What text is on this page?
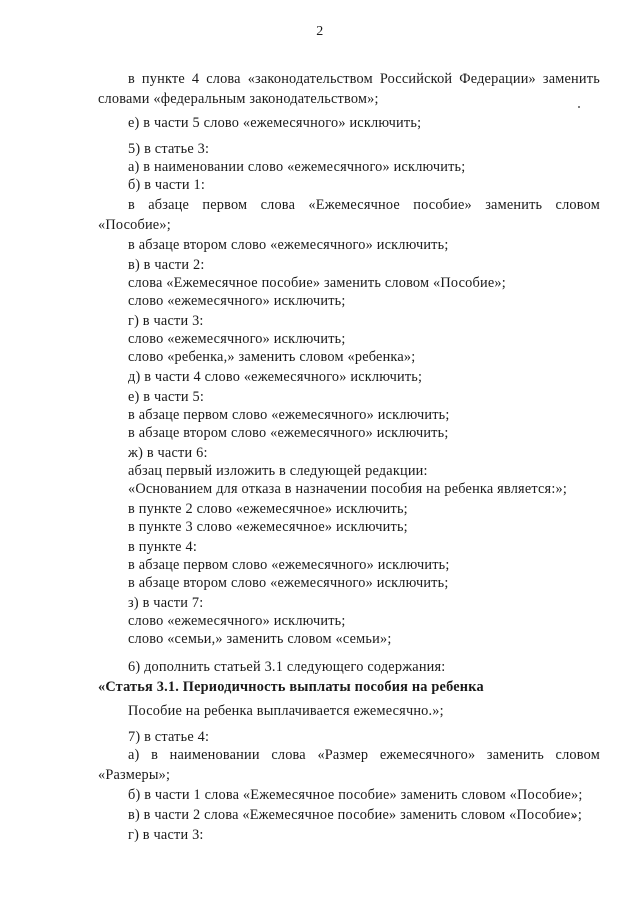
2
в пункте 4 слова «законодательством Российской Федерации» заменить
словами «федеральным законодательством»;
е) в части 5 слово «ежемесячного» исключить;
5) в статье 3:
а) в наименовании слово «ежемесячного» исключить;
б) в части 1:
в абзаце первом слова «Ежемесячное пособие» заменить словом
«Пособие»;
в абзаце втором слово «ежемесячного» исключить;
в) в части 2:
слова «Ежемесячное пособие» заменить словом «Пособие»;
слово «ежемесячного» исключить;
г) в части 3:
слово «ежемесячного» исключить;
слово «ребенка,» заменить словом «ребенка»;
д) в части 4 слово «ежемесячного» исключить;
е) в части 5:
в абзаце первом слово «ежемесячного» исключить;
в абзаце втором слово «ежемесячного» исключить;
ж) в части 6:
абзац первый изложить в следующей редакции:
«Основанием для отказа в назначении пособия на ребенка является:»;
в пункте 2 слово «ежемесячное» исключить;
в пункте 3 слово «ежемесячное» исключить;
в пункте 4:
в абзаце первом слово «ежемесячного» исключить;
в абзаце втором слово «ежемесячного» исключить;
з) в части 7:
слово «ежемесячного» исключить;
слово «семьи,» заменить словом «семьи»;
6) дополнить статьей 3.1 следующего содержания:
«Статья 3.1. Периодичность выплаты пособия на ребенка
Пособие на ребенка выплачивается ежемесячно.»;
7) в статье 4:
а) в наименовании слова «Размер ежемесячного» заменить словом
«Размеры»;
б) в части 1 слова «Ежемесячное пособие» заменить словом «Пособие»;
в) в части 2 слова «Ежемесячное пособие» заменить словом «Пособие»;
г) в части 3:
